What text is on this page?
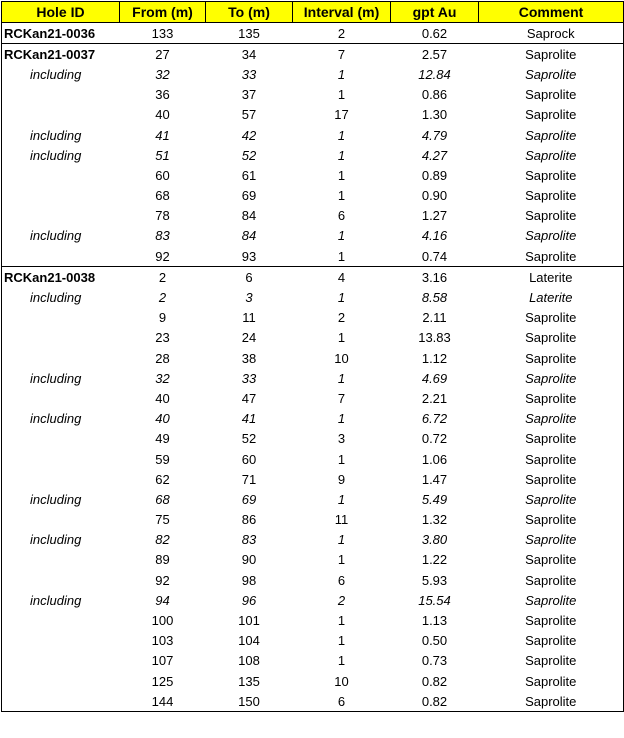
Hole ID	From (m)	To (m)	Interval (m)	gpt Au	Comment
RCKan21-0036	133	135	2	0.62	Saprock
RCKan21-0037	27	34	7	2.57	Saprolite
including	32	33	1	12.84	Saprolite
	36	37	1	0.86	Saprolite
	40	57	17	1.30	Saprolite
including	41	42	1	4.79	Saprolite
including	51	52	1	4.27	Saprolite
	60	61	1	0.89	Saprolite
	68	69	1	0.90	Saprolite
	78	84	6	1.27	Saprolite
including	83	84	1	4.16	Saprolite
	92	93	1	0.74	Saprolite
RCKan21-0038	2	6	4	3.16	Laterite
including	2	3	1	8.58	Laterite
	9	11	2	2.11	Saprolite
	23	24	1	13.83	Saprolite
	28	38	10	1.12	Saprolite
including	32	33	1	4.69	Saprolite
	40	47	7	2.21	Saprolite
including	40	41	1	6.72	Saprolite
	49	52	3	0.72	Saprolite
	59	60	1	1.06	Saprolite
	62	71	9	1.47	Saprolite
including	68	69	1	5.49	Saprolite
	75	86	11	1.32	Saprolite
including	82	83	1	3.80	Saprolite
	89	90	1	1.22	Saprolite
	92	98	6	5.93	Saprolite
including	94	96	2	15.54	Saprolite
	100	101	1	1.13	Saprolite
	103	104	1	0.50	Saprolite
	107	108	1	0.73	Saprolite
	125	135	10	0.82	Saprolite
	144	150	6	0.82	Saprolite
